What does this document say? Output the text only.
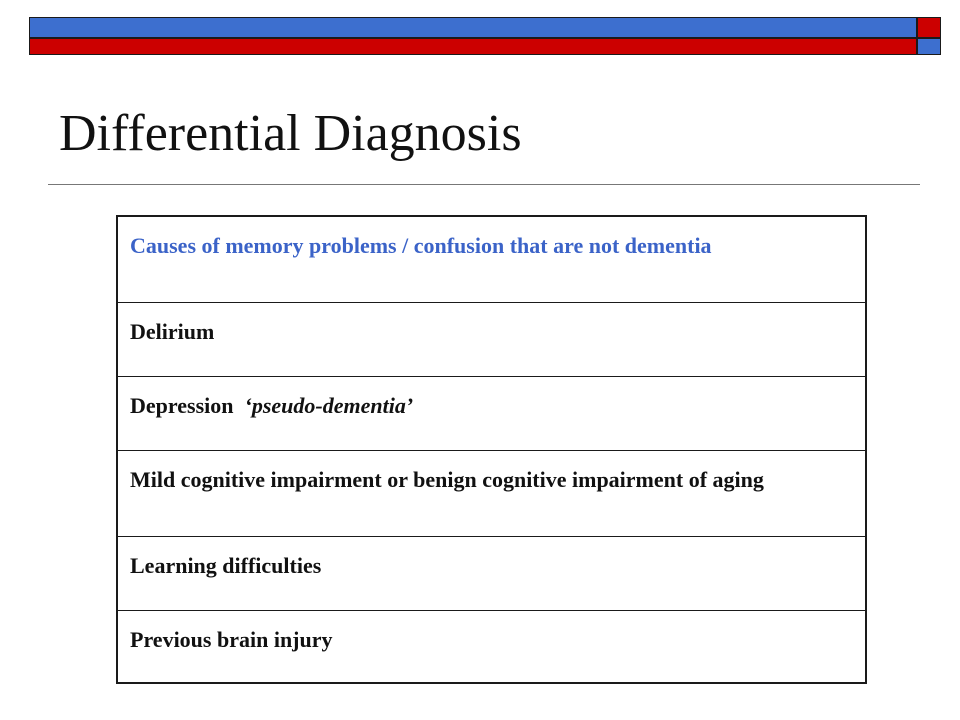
Differential Diagnosis
Causes of memory problems / confusion that are not dementia
Delirium
Depression ‘pseudo-dementia’
Mild cognitive impairment or benign cognitive impairment of aging
Learning difficulties
Previous brain injury
